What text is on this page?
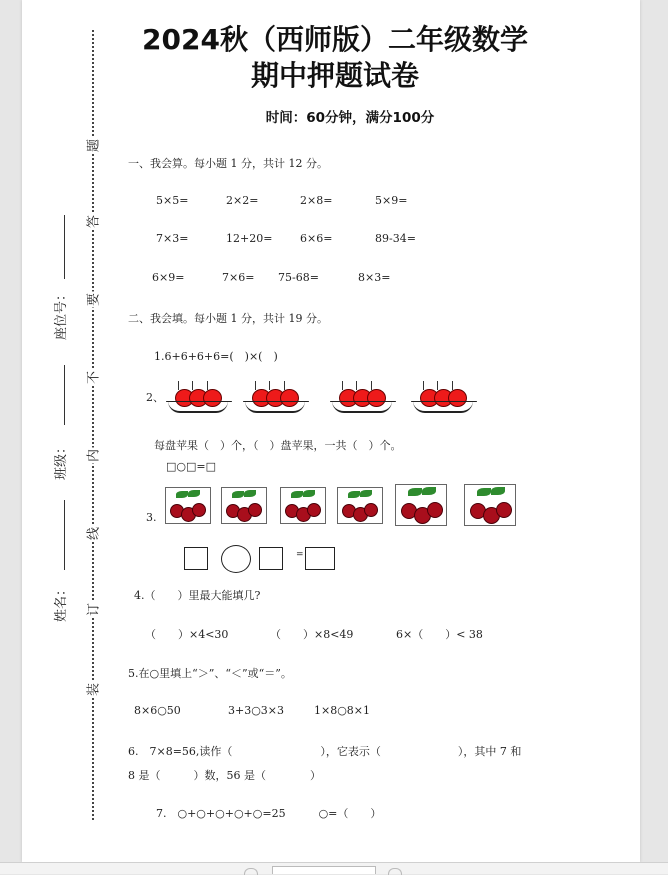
题
答
要
不
内
线
订
装
座位号：
班级：
姓名：
2024秋（西师版）二年级数学
期中押题试卷
时间：60分钟，满分100分
一、我会算。每小题 1 分，共计 12 分。
5×5=	2×2=	2×8=	5×9=
7×3=	12+20=	6×6=	89-34=
6×9=	7×6= 75-68=	8×3=
二、我会填。每小题 1 分，共计 19 分。
1.6+6+6+6=(　)×(　)
2、
每盘苹果（　）个，（　）盘苹果，一共（　）个。
□○□=□
3.
=
4.（　　）里最大能填几?
（　　）×4<30	（　　）×8<49	6×（　　）< 38
5.在○里填上“＞”、“＜”或“＝”。
8×6○50	3+3○3×3	1×8○8×1
6.　7×8=56,读作（　　　　　　　　），它表示（　　　　　　　），其中 7 和
8 是（　　　）数，56 是（　　　　）
7.　○+○+○+○+○=25　　　○=（　　）
